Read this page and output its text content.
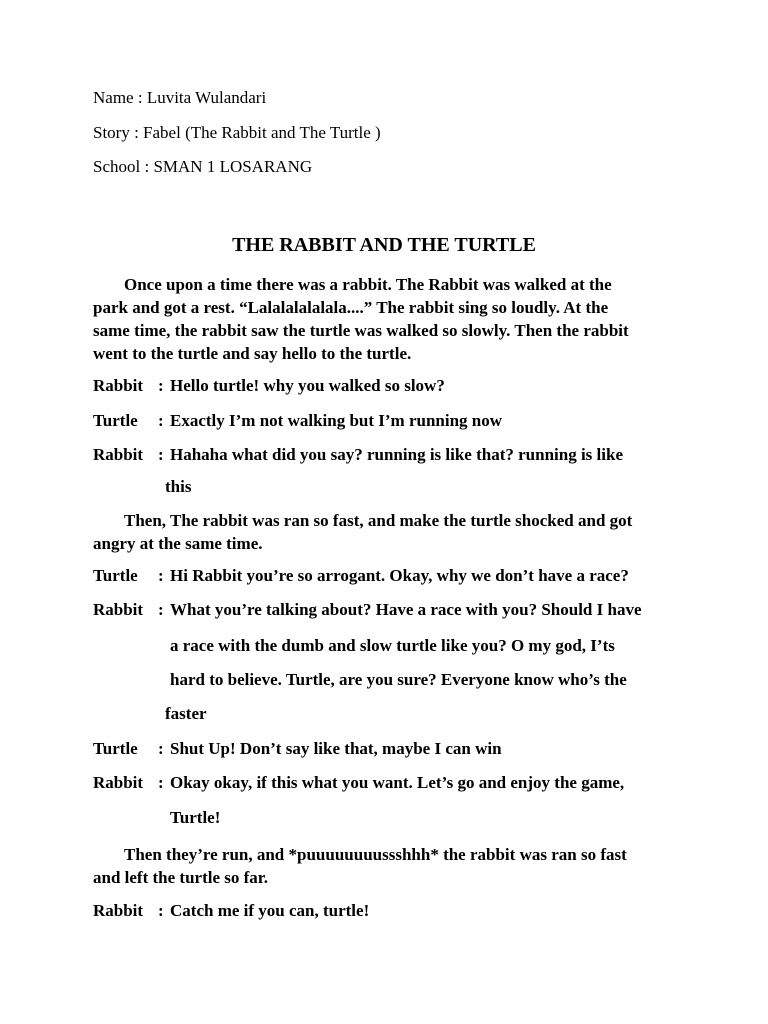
Name : Luvita Wulandari
Story : Fabel (The Rabbit and The Turtle )
School : SMAN 1 LOSARANG
THE RABBIT AND THE TURTLE
Once upon a time there was a rabbit. The Rabbit was walked at the
park and got a rest. “Lalalalalalala....” The rabbit sing so loudly. At the
same time, the rabbit saw the turtle was walked so slowly. Then the rabbit
went to the turtle and say hello to the turtle.
Rabbit : Hello turtle! why you walked so slow?
Turtle : Exactly I’m not walking but I’m running now
Rabbit : Hahaha what did you say? running is like that? running is like
this
Then, The rabbit was ran so fast, and make the turtle shocked and got
angry at the same time.
Turtle : Hi Rabbit you’re so arrogant. Okay, why we don’t have a race?
Rabbit : What you’re talking about? Have a race with you? Should I have
a race with the dumb and slow turtle like you? O my god, I’ts
hard to believe. Turtle, are you sure? Everyone know who’s the
faster
Turtle : Shut Up! Don’t say like that, maybe I can win
Rabbit : Okay okay, if this what you want. Let’s go and enjoy the game,
Turtle!
Then they’re run, and *puuuuuuuussshhh* the rabbit was ran so fast
and left the turtle so far.
Rabbit : Catch me if you can, turtle!
